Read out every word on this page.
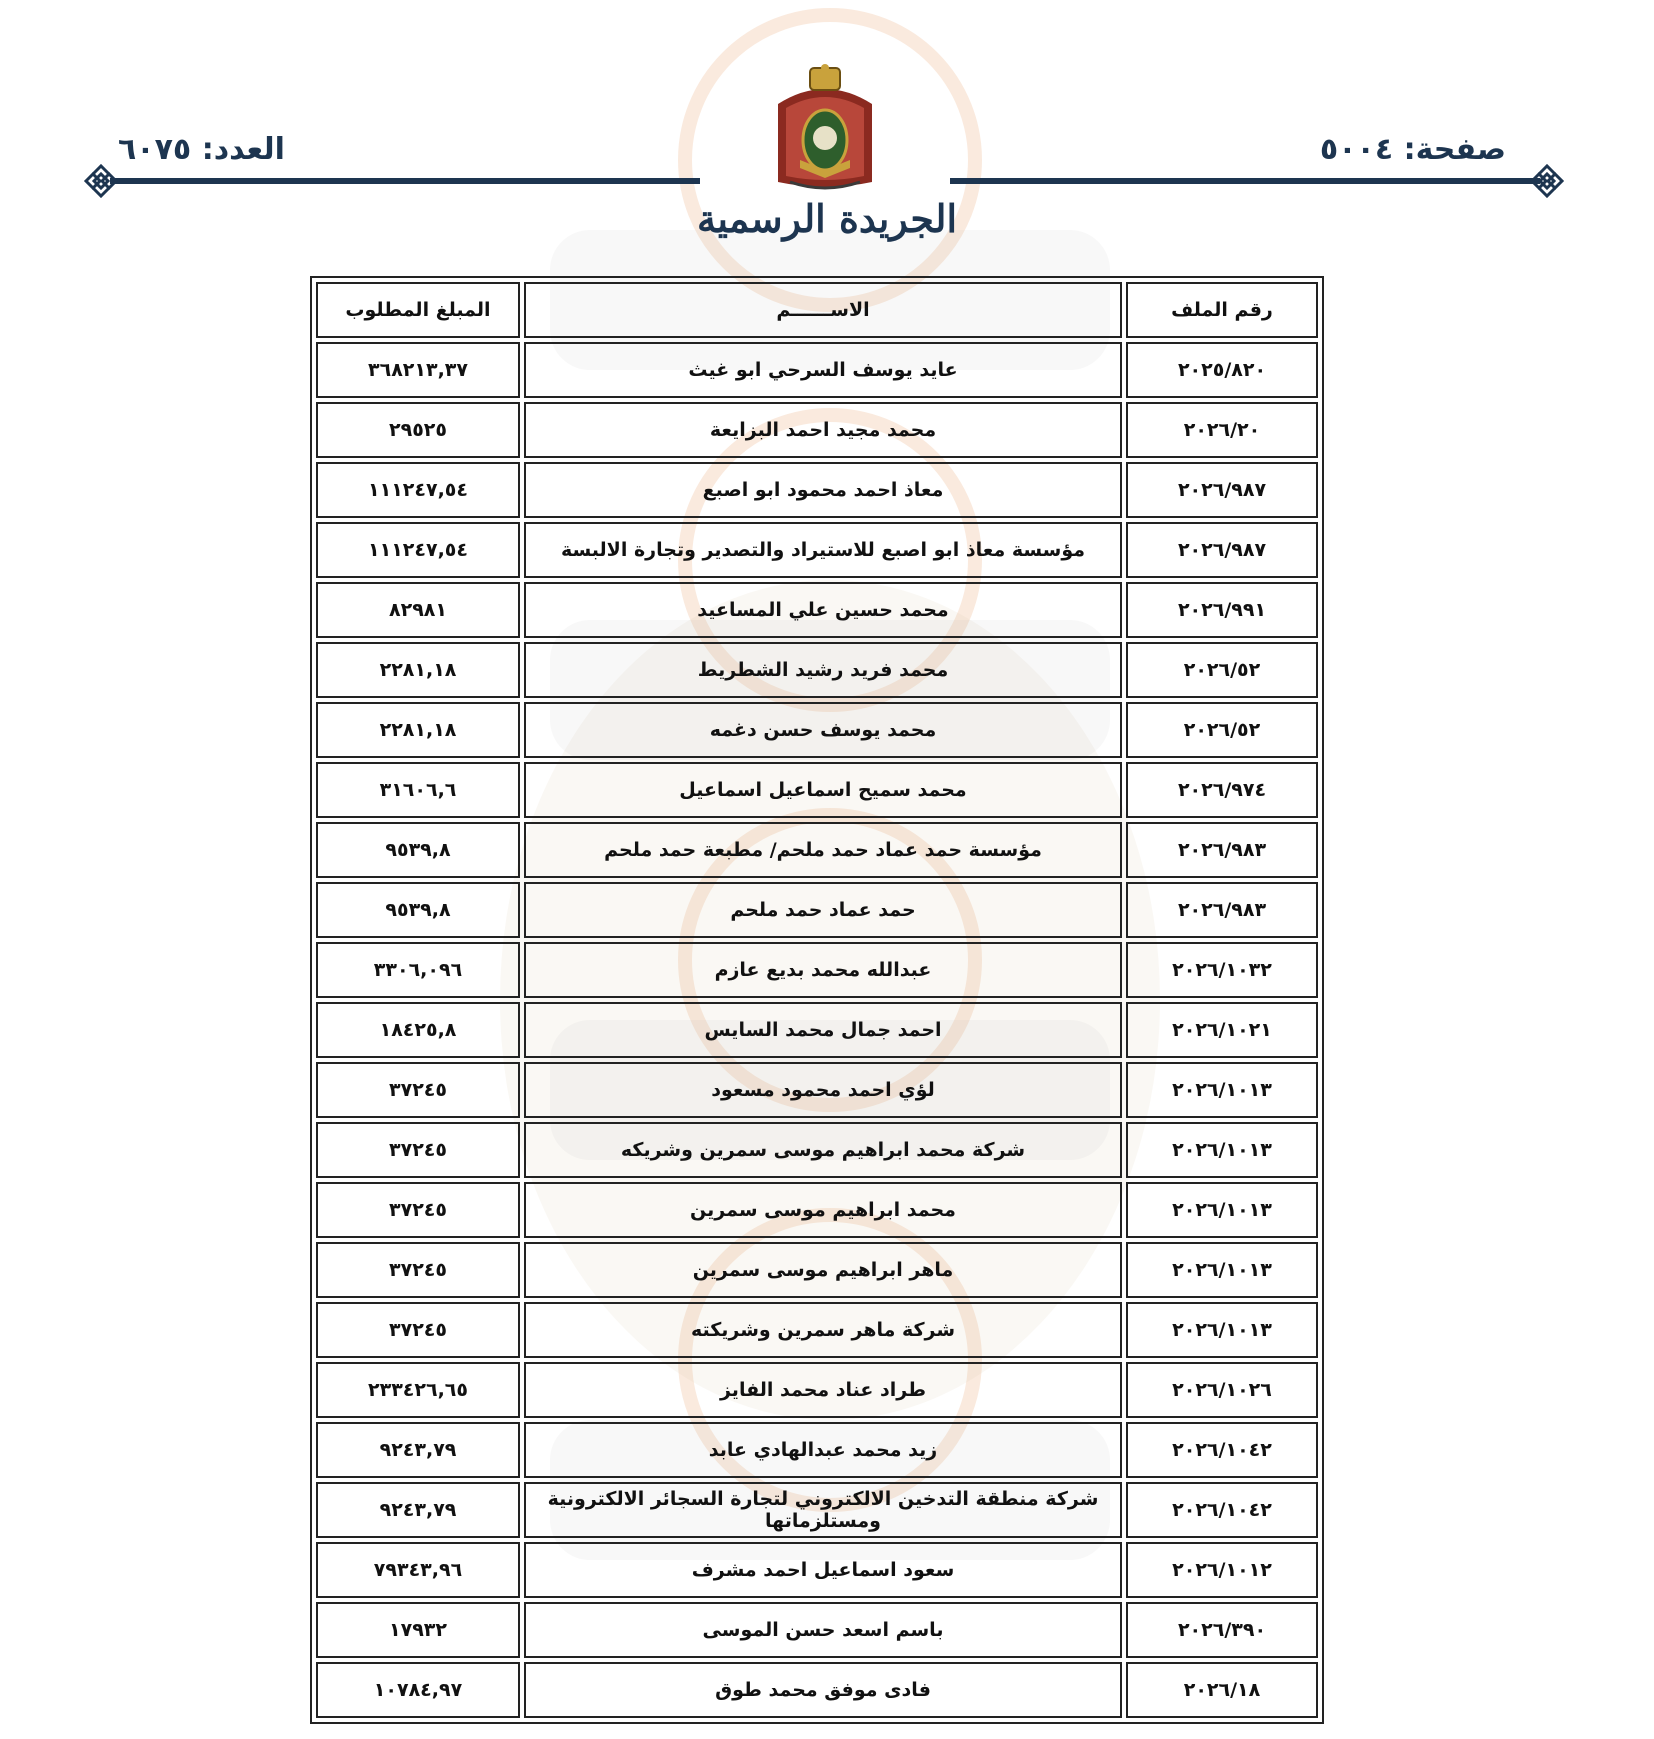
صفحة: ٥٠٠٤
العدد: ٦٠٧٥
الجريدة الرسمية
رقم الملف	الاســــــم	المبلغ المطلوب
٢٠٢٥/٨٢٠	عايد يوسف السرحي ابو غيث	٣٦٨٢١٣,٣٧
٢٠٢٦/٢٠	محمد مجيد احمد البزايعة	٢٩٥٢٥
٢٠٢٦/٩٨٧	معاذ احمد محمود ابو اصبع	١١١٢٤٧,٥٤
٢٠٢٦/٩٨٧	مؤسسة معاذ ابو اصبع للاستيراد والتصدير وتجارة الالبسة	١١١٢٤٧,٥٤
٢٠٢٦/٩٩١	محمد حسين علي المساعيد	٨٢٩٨١
٢٠٢٦/٥٢	محمد فريد رشيد الشطريط	٢٢٨١,١٨
٢٠٢٦/٥٢	محمد يوسف حسن دغمه	٢٢٨١,١٨
٢٠٢٦/٩٧٤	محمد سميح اسماعيل اسماعيل	٣١٦٠٦,٦
٢٠٢٦/٩٨٣	مؤسسة حمد عماد حمد ملحم/ مطبعة حمد ملحم	٩٥٣٩,٨
٢٠٢٦/٩٨٣	حمد عماد حمد ملحم	٩٥٣٩,٨
٢٠٢٦/١٠٣٢	عبدالله محمد بديع عازم	٣٣٠٦,٠٩٦
٢٠٢٦/١٠٢١	احمد جمال محمد السايس	١٨٤٢٥,٨
٢٠٢٦/١٠١٣	لؤي احمد محمود مسعود	٣٧٢٤٥
٢٠٢٦/١٠١٣	شركة محمد ابراهيم موسى سمرين وشريكه	٣٧٢٤٥
٢٠٢٦/١٠١٣	محمد ابراهيم موسى سمرين	٣٧٢٤٥
٢٠٢٦/١٠١٣	ماهر ابراهيم موسى سمرين	٣٧٢٤٥
٢٠٢٦/١٠١٣	شركة ماهر سمرين وشريكته	٣٧٢٤٥
٢٠٢٦/١٠٢٦	طراد عناد محمد الفايز	٢٣٣٤٢٦,٦٥
٢٠٢٦/١٠٤٢	زيد محمد عبدالهادي عابد	٩٢٤٣,٧٩
٢٠٢٦/١٠٤٢	شركة منطقة التدخين الالكتروني لتجارة السجائر الالكترونية ومستلزماتها	٩٢٤٣,٧٩
٢٠٢٦/١٠١٢	سعود اسماعيل احمد مشرف	٧٩٣٤٣,٩٦
٢٠٢٦/٣٩٠	باسم اسعد حسن الموسى	١٧٩٣٢
٢٠٢٦/١٨	فادى موفق محمد طوق	١٠٧٨٤,٩٧
